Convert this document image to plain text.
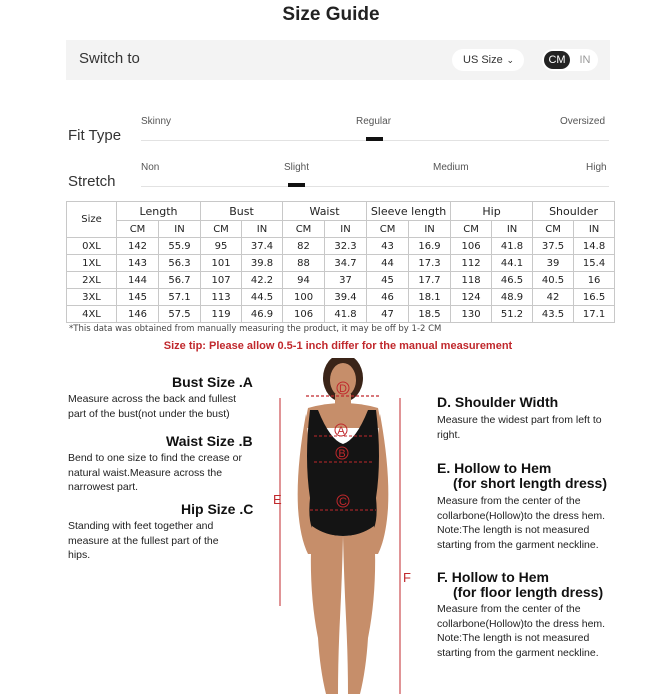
Size Guide
Switch to	US Size ⌄	CM	IN
Fit Type
Skinny	Regular	Oversized
Stretch
Non	Slight	Medium	High
Size	Length		Bust		Waist		Sleeve length		Hip		Shoulder	
	CM	IN	CM	IN	CM	IN	CM	IN	CM	IN	CM	IN
0XL	142	55.9	95	37.4	82	32.3	43	16.9	106	41.8	37.5	14.8
1XL	143	56.3	101	39.8	88	34.7	44	17.3	112	44.1	39	15.4
2XL	144	56.7	107	42.2	94	37	45	17.7	118	46.5	40.5	16
3XL	145	57.1	113	44.5	100	39.4	46	18.1	124	48.9	42	16.5
4XL	146	57.5	119	46.9	106	41.8	47	18.5	130	51.2	43.5	17.1
*This data was obtained from manually measuring the product, it may be off by 1-2 CM
Size tip: Please allow 0.5-1 inch differ for the manual measurement
Bust Size .A
Measure across the back and fullest
part of the bust(not under the bust)
Waist Size .B
Bend to one size to find the crease or
natural waist.Measure across the
narrowest part.
Hip Size .C
Standing with feet together and
measure at the fullest part of the
hips.
D. Shoulder Width
Measure the widest part from left to
right.
E. Hollow to Hem
(for short length dress)
Measure from the center of the
collarbone(Hollow)to the dress hem.
Note:The length is not measured
starting from the garment neckline.
F. Hollow to Hem
(for floor length dress)
Measure from the center of the
collarbone(Hollow)to the dress hem.
Note:The length is not measured
starting from the garment neckline.
D
A
B
C
E
F
